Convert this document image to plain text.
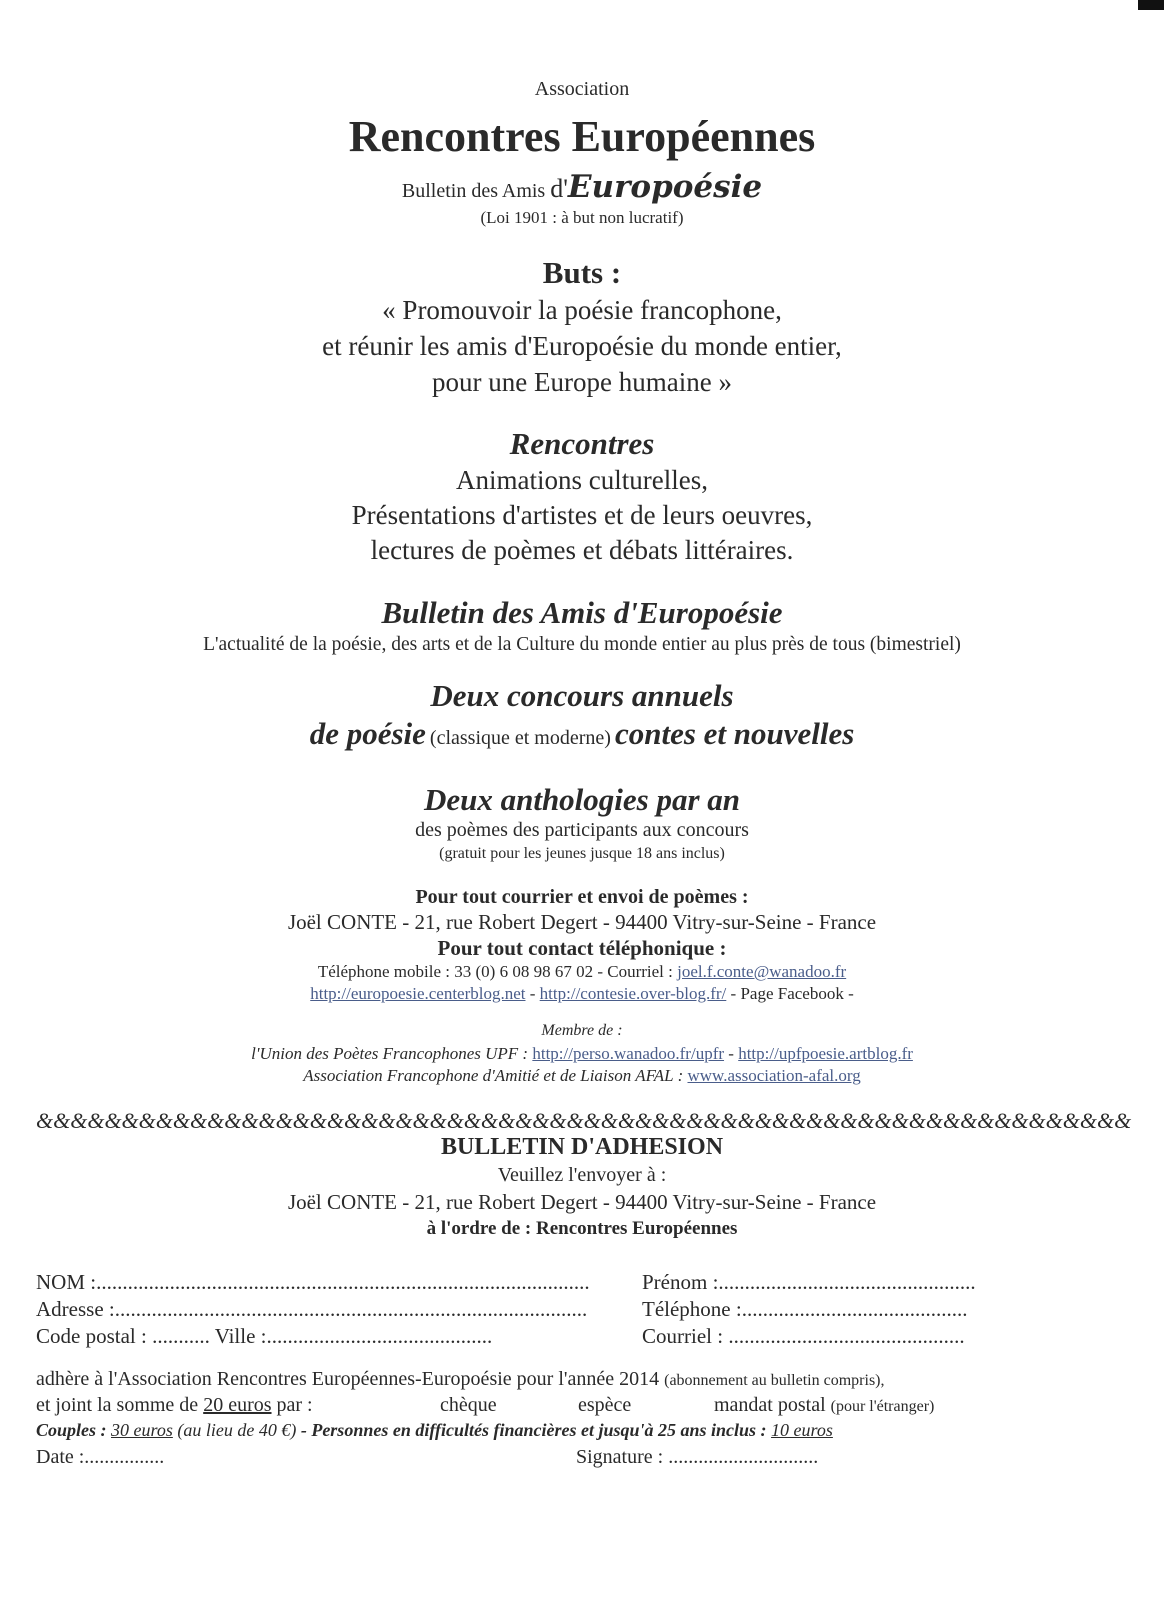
Association
Rencontres Européennes
Bulletin des Amis d'Europoésie
(Loi 1901 : à but non lucratif)
Buts :
« Promouvoir la poésie francophone,
et réunir les amis d'Europoésie du monde entier,
pour une Europe humaine »
Rencontres
Animations culturelles,
Présentations d'artistes et de leurs oeuvres,
lectures de poèmes et débats littéraires.
Bulletin des Amis d'Europoésie
L'actualité de la poésie, des arts et de la Culture du monde entier au plus près de tous (bimestriel)
Deux concours annuels
de poésie (classique et moderne) contes et nouvelles
Deux anthologies par an
des poèmes des participants aux concours
(gratuit pour les jeunes jusque 18 ans inclus)
Pour tout courrier et envoi de poèmes :
Joël CONTE - 21, rue Robert Degert - 94400 Vitry-sur-Seine - France
Pour tout contact téléphonique :
Téléphone mobile : 33 (0) 6 08 98 67 02 - Courriel : joel.f.conte@wanadoo.fr
http://europoesie.centerblog.net - http://contesie.over-blog.fr/ - Page Facebook -
Membre de :
l'Union des Poètes Francophones UPF : http://perso.wanadoo.fr/upfr - http://upfpoesie.artblog.fr
Association Francophone d'Amitié et de Liaison AFAL : www.association-afal.org
&&&&&&&&&&&&&&&&&&&&&&&&&&&&&&&&&&&&&&&&&&&&&&&&&&&&&&&&&&&&&&&&
BULLETIN D'ADHESION
Veuillez l'envoyer à :
Joël CONTE - 21, rue Robert Degert - 94400 Vitry-sur-Seine - France
à l'ordre de : Rencontres Européennes
NOM :.............................................................................................. Prénom :.................................................
Adresse :..........................................................................................	Téléphone :...........................................
Code postal : ........... Ville :...........................................	Courriel : .............................................
adhère à l'Association Rencontres Européennes-Europoésie pour l'année 2014 (abonnement au bulletin compris),
et joint la somme de 20 euros par :	chèque	espèce	mandat postal (pour l'étranger)
Couples : 30 euros (au lieu de 40 €) - Personnes en difficultés financières et jusqu'à 25 ans inclus : 10 euros
Date :................	Signature : ..............................
